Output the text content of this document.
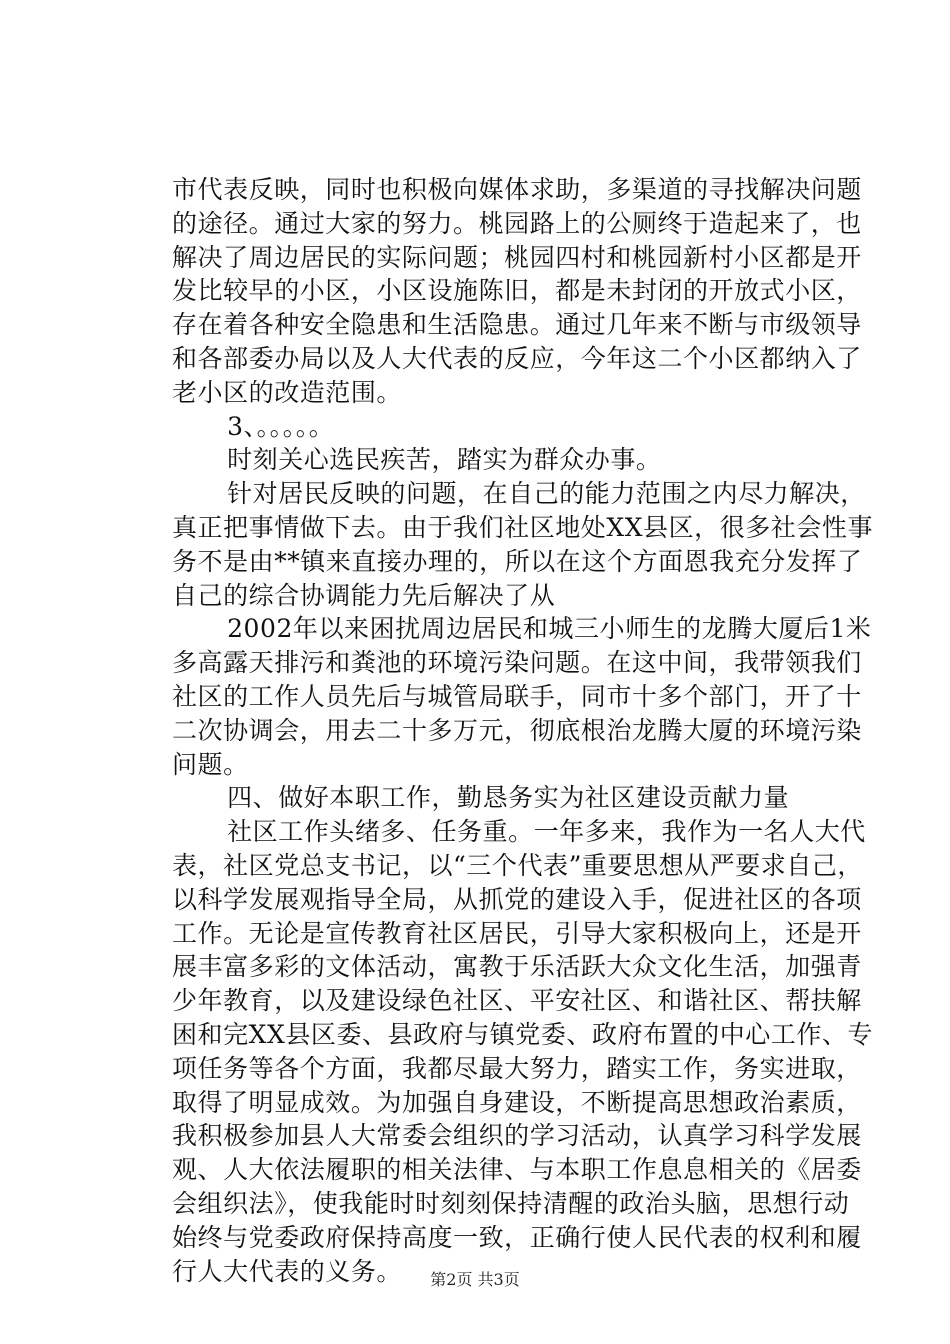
市代表反映，同时也积极向媒体求助，多渠道的寻找解决问题
的途径。通过大家的努力。桃园路上的公厕终于造起来了，也
解决了周边居民的实际问题；桃园四村和桃园新村小区都是开
发比较早的小区，小区设施陈旧，都是未封闭的开放式小区，
存在着各种安全隐患和生活隐患。通过几年来不断与市级领导
和各部委办局以及人大代表的反应，今年这二个小区都纳入了
老小区的改造范围。
　　3、。。。。。
　　时刻关心选民疾苦，踏实为群众办事。
　　针对居民反映的问题，在自己的能力范围之内尽力解决，
真正把事情做下去。由于我们社区地处XX县区，很多社会性事
务不是由**镇来直接办理的，所以在这个方面恩我充分发挥了
自己的综合协调能力先后解决了从
　　2002年以来困扰周边居民和城三小师生的龙腾大厦后1米
多高露天排污和粪池的环境污染问题。在这中间，我带领我们
社区的工作人员先后与城管局联手，同市十多个部门，开了十
二次协调会，用去二十多万元，彻底根治龙腾大厦的环境污染
问题。
　　四、做好本职工作，勤恳务实为社区建设贡献力量
　　社区工作头绪多、任务重。一年多来，我作为一名人大代
表，社区党总支书记，以“三个代表”重要思想从严要求自己，
以科学发展观指导全局，从抓党的建设入手，促进社区的各项
工作。无论是宣传教育社区居民，引导大家积极向上，还是开
展丰富多彩的文体活动，寓教于乐活跃大众文化生活，加强青
少年教育，以及建设绿色社区、平安社区、和谐社区、帮扶解
困和完XX县区委、县政府与镇党委、政府布置的中心工作、专
项任务等各个方面，我都尽最大努力，踏实工作，务实进取，
取得了明显成效。为加强自身建设，不断提高思想政治素质，
我积极参加县人大常委会组织的学习活动，认真学习科学发展
观、人大依法履职的相关法律、与本职工作息息相关的《居委
会组织法》，使我能时时刻刻保持清醒的政治头脑，思想行动
始终与党委政府保持高度一致，正确行使人民代表的权利和履
行人大代表的义务。	第2页 共3页
